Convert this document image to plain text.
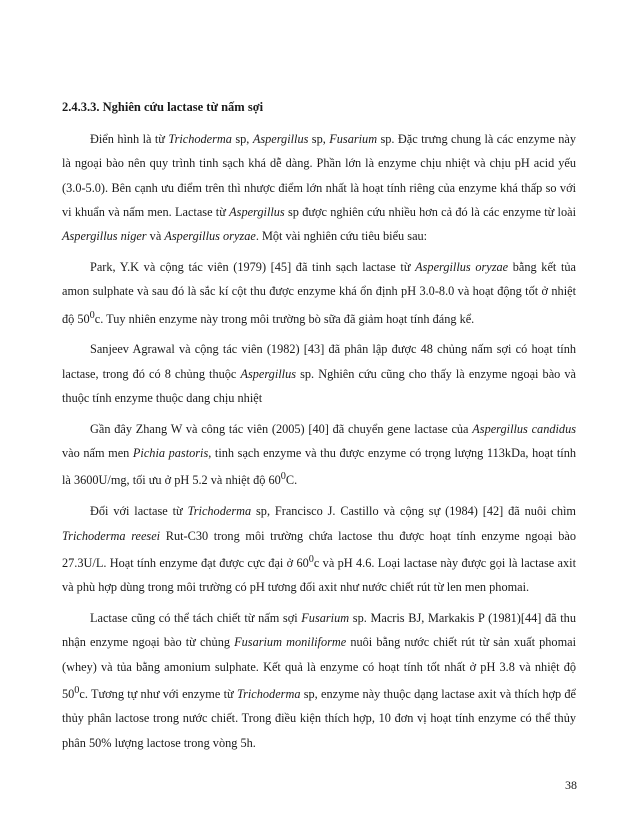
2.4.3.3. Nghiên cứu lactase từ nấm sợi

Điển hình là từ Trichoderma sp, Aspergillus sp, Fusarium sp. Đặc trưng chung là các enzyme này là ngoại bào nên quy trình tinh sạch khá dễ dàng. Phần lớn là enzyme chịu nhiệt và chịu pH acid yếu (3.0-5.0). Bên cạnh ưu điểm trên thì nhược điểm lớn nhất là hoạt tính riêng của enzyme khá thấp so với vi khuẩn và nấm men. Lactase từ Aspergillus sp được nghiên cứu nhiều hơn cả đó là các enzyme từ loài Aspergillus niger và Aspergillus oryzae. Một vài nghiên cứu tiêu biểu sau:

Park, Y.K và cộng tác viên (1979) [45] đã tinh sạch lactase từ Aspergillus oryzae bằng kết tủa amon sulphate và sau đó là sắc kí cột thu được enzyme khá ổn định pH 3.0-8.0 và hoạt động tốt ở nhiệt độ $50^0c$. Tuy nhiên enzyme này trong môi trường bò sữa đã giảm hoạt tính đáng kể.

Sanjeev Agrawal và cộng tác viên (1982) [43] đã phân lập được 48 chủng nấm sợi có hoạt tính lactase, trong đó có 8 chủng thuộc Aspergillus sp. Nghiên cứu cũng cho thấy là enzyme ngoại bào và thuộc tính enzyme thuộc dang chịu nhiệt

Gần đây Zhang W và công tác viên (2005) [40] đã chuyển gene lactase của Aspergillus candidus vào nấm men Pichia pastoris, tinh sạch enzyme và thu được enzyme có trọng lượng 113kDa, hoạt tính là 3600U/mg, tối ưu ở pH 5.2 và nhiệt độ $60^0C$.

Đối với lactase từ Trichoderma sp, Francisco J. Castillo và cộng sự (1984) [42] đã nuôi chìm Trichoderma reesei Rut-C30 trong môi trường chứa lactose thu được hoạt tính enzyme ngoại bào 27.3U/L. Hoạt tính enzyme đạt được cực đại ở $60^0c$ và pH 4.6. Loại lactase này được gọi là lactase axit và phù hợp dùng trong môi trường có pH tương đối axit như nước chiết rút từ len men phomai.

Lactase cũng có thể tách chiết từ nấm sợi Fusarium sp. Macris BJ, Markakis P (1981)[44] đã thu nhận enzyme ngoại bào từ chủng Fusarium moniliforme nuôi bằng nước chiết rút từ sản xuất phomai (whey) và tủa bằng amonium sulphate. Kết quả là enzyme có hoạt tính tốt nhất ở pH 3.8 và nhiệt độ $50^0c$. Tương tự như với enzyme từ Trichoderma sp, enzyme này thuộc dạng lactase axit và thích hợp để thủy phân lactose trong nước chiết. Trong điều kiện thích hợp, 10 đơn vị hoạt tính enzyme có thể thủy phân 50% lượng lactose trong vòng 5h.

38
